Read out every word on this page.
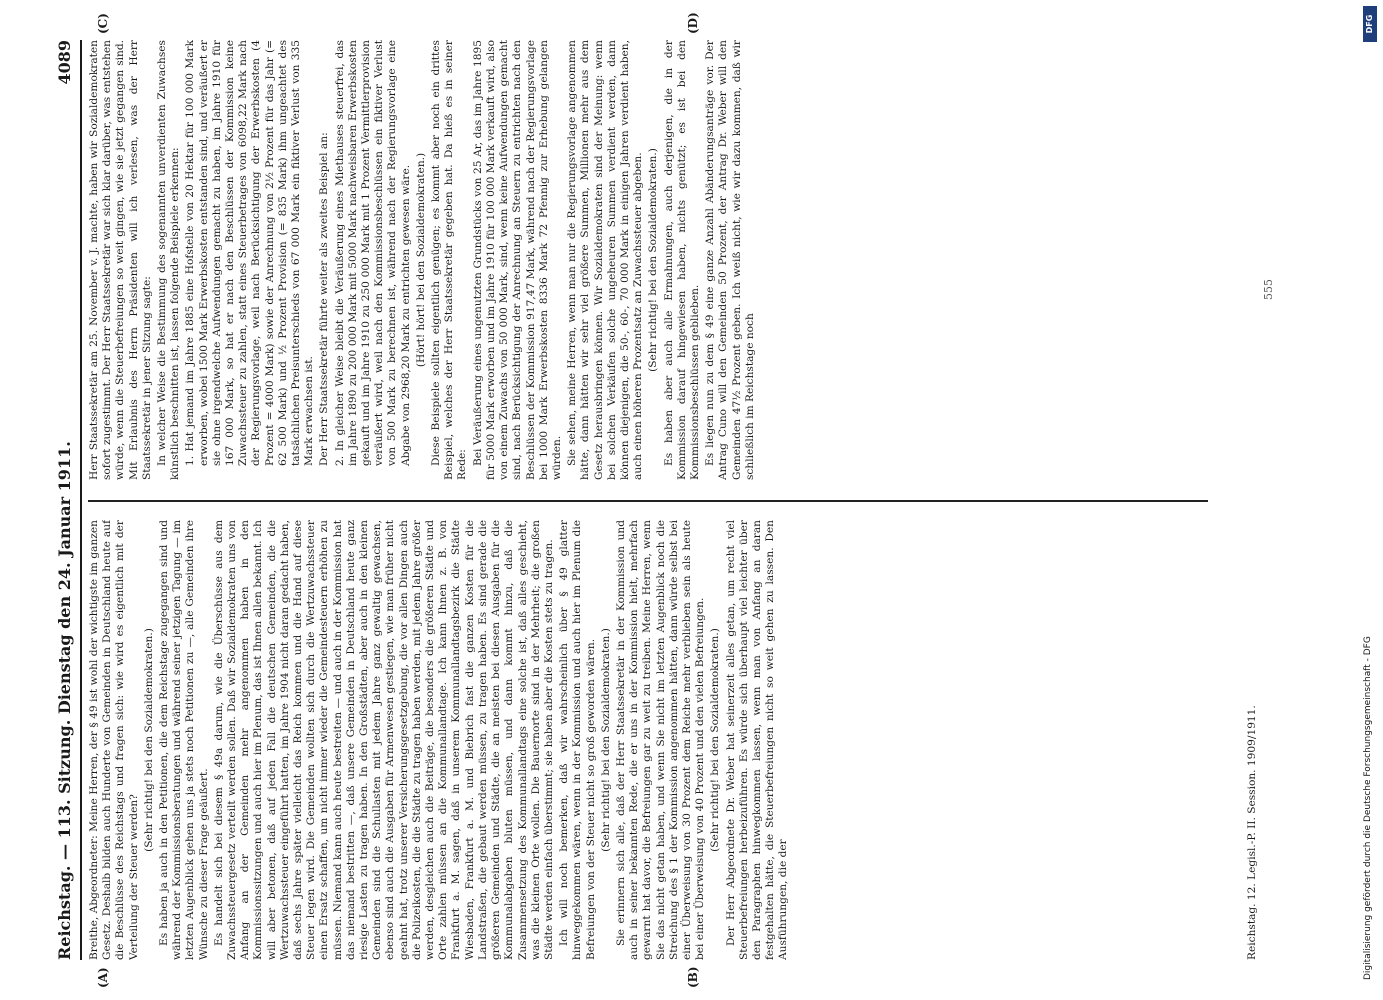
Reichstag. — 113. Sitzung. Dienstag den 24. Januar 1911.
4089
(A)	(B)
(C)	(D)

Breithe, Abgeordneter: Meine Herren, der § 49 ist wohl der wichtigste im ganzen Gesetz. Deshalb bilden auch Hunderte von Gemeinden in Deutschland heute auf die Beschlüsse des Reichstags und fragen sich: wie wird es eigentlich mit der Verteilung der Steuer werden?

(Sehr richtig! bei den Sozialdemokraten.) Es haben ja auch in den Petitionen, die dem Reichstage zugegangen sind und während der Kommissionsberatungen und während seiner jetzigen Tagung — im letzten Augenblick gehen uns ja stets noch Petitionen zu —, alle Gemeinden ihre Wünsche zu dieser Frage geäußert. Es handelt sich bei diesem § 49a darum, wie die Überschüsse aus dem Zuwachssteuergesetz verteilt werden sollen. Daß wir Sozialdemokraten uns von Anfang an der Gemeinden mehr angenommen haben in den Kommissionssitzungen und auch hier im Plenum, das ist Ihnen allen bekannt. Ich will aber betonen, daß auf jeden Fall die deutschen Gemeinden, die die Wertzuwachssteuer eingeführt hatten, im Jahre 1904 nicht daran gedacht haben, daß sechs Jahre später vielleicht das Reich kommen und die Hand auf diese Steuer legen wird. Die Gemeinden wollten sich durch die Wertzuwachssteuer einen Ersatz schaffen, um nicht immer wieder die Gemeindesteuern erhöhen zu müssen. Niemand kann auch heute bestreiten — und auch in der Kommission hat das niemand bestritten —, daß unsere Gemeinden in Deutschland heute ganz riesige Lasten zu tragen haben. In den Großstädten, aber auch in den kleinen Gemeinden sind die Schullasten mit jedem Jahre ganz gewaltig gewachsen, ebenso sind auch die Ausgaben für Armenwesen gestiegen, wie man früher nicht geahnt hat, trotz unserer Versicherungsgesetzgebung, die vor allen Dingen auch die Polizeikosten, die die Städte zu tragen haben werden, mit jedem Jahre größer werden, desgleichen auch die Beiträge, die besonders die größeren Städte und Orte zahlen müssen an die Kommunallandtage. Ich kann Ihnen z. B. von Frankfurt a. M. sagen, daß in unserem Kommunallandtagsbezirk die Städte Wiesbaden, Frankfurt a. M. und Biebrich fast die ganzen Kosten für die Landstraßen, die gebaut werden müssen, zu tragen haben. Es sind gerade die größeren Gemeinden und Städte, die an meisten bei diesen Ausgaben für die Kommunalabgaben bluten müssen, und dann kommt hinzu, daß die Zusammensetzung des Kommunallandtags eine solche ist, daß alles geschieht, was die kleinen Orte wollen. Die Bauernorte sind in der Mehrheit; die großen Städte werden einfach überstimmt; sie haben aber die Kosten stets zu tragen. Ich will noch bemerken, daß wir wahrscheinlich über § 49 glatter hinweggekommen wären, wenn in der Kommission und auch hier im Plenum die Befreiungen von der Steuer nicht so groß geworden wären. (Sehr richtig! bei den Sozialdemokraten.) Sie erinnern sich alle, daß der Herr Staatssekretär in der Kommission und auch in seiner bekannten Rede, die er uns in der Kommission hielt, mehrfach gewarnt hat davor, die Befreiungen gar zu weit zu treiben. Meine Herren, wenn Sie das nicht getan haben, und wenn Sie nicht im letzten Augenblick noch die Streichung des § 1 der Kommission angenommen hätten, dann würde selbst bei einer Überweisung von 30 Prozent dem Reiche mehr verblieben sein als heute bei einer Überweisung von 40 Prozent und den vielen Befreiungen. (Sehr richtig! bei den Sozialdemokraten.) Der Herr Abgeordnete Dr. Weber hat seinerzeit alles getan, um recht viel Steuerbefreiungen herbeizuführen. Es würde sich überhaupt viel leichter über den Paragraphen hinwegkommen lassen, wenn man von Anfang an daran festgehalten hätte, die Steuerbefreiungen nicht so weit gehen zu lassen. Den Ausführungen, die der

Herr Staatssekretär am 25. November v. J. machte, haben wir Sozialdemokraten sofort zugestimmt. Der Herr Staatssekretär war sich klar darüber, was entstehen würde, wenn die Steuerbefreiungen so weit gingen, wie sie jetzt gegangen sind. Mit Erlaubnis des Herrn Präsidenten will ich verlesen, was der Herr Staatssekretär in jener Sitzung sagte: In welcher Weise die Bestimmung des sogenannten unverdienten Zuwachses künstlich beschnitten ist, lassen folgende Beispiele erkennen: 1. Hat jemand im Jahre 1885 eine Hofstelle von 20 Hektar für 100 000 Mark erworben, wobei 1500 Mark Erwerbskosten entstanden sind, und veräußert er sie ohne irgendwelche Aufwendungen gemacht zu haben, im Jahre 1910 für 167 000 Mark, so hat er nach den Beschlüssen der Kommission keine Zuwachssteuer zu zahlen, statt eines Steuerbetrages von 6098,22 Mark nach der Regierungsvorlage, weil nach Berücksichtigung der Erwerbskosten (4 Prozent = 4000 Mark) sowie der Anrechnung von 2½ Prozent für das Jahr (= 62 500 Mark) und ½ Prozent Provision (= 835 Mark) ihm ungeachtet des tatsächlichen Preisunterschieds von 67 000 Mark ein fiktiver Verlust von 335 Mark erwachsen ist. Der Herr Staatssekretär führte weiter als zweites Beispiel an: 2. In gleicher Weise bleibt die Veräußerung eines Miethauses steuerfrei, das im Jahre 1890 zu 200 000 Mark mit 5000 Mark nachweisbaren Erwerbskosten gekauft und im Jahre 1910 zu 250 000 Mark mit 1 Prozent Vermittlerprovision veräußert wird, weil nach den Kommissionsbeschlüssen ein fiktiver Verlust von 500 Mark zu berechnen ist, während nach der Regierungsvorlage eine Abgabe von 2968,20 Mark zu entrichten gewesen wäre. (Hört! hört! bei den Sozialdemokraten.) Diese Beispiele sollten eigentlich genügen; es kommt aber noch ein drittes Beispiel, welches der Herr Staatssekretär gegeben hat. Da hieß es in seiner Rede: Bei Veräußerung eines ungenutzten Grundstücks von 25 Ar, das im Jahre 1895 für 5000 Mark erworben und im Jahre 1910 für 100 000 Mark verkauft wird, also von einem Zuwachs von 50 000 Mark, sind, wenn keine Aufwendungen gemacht sind, nach Berücksichtigung der Anrechnung an Steuern zu entrichten nach den Beschlüssen der Kommission 917,47 Mark, während nach der Regierungsvorlage bei 1000 Mark Erwerbskosten 8336 Mark 72 Pfennig zur Erhebung gelangen würden. Sie sehen, meine Herren, wenn man nur die Regierungsvorlage angenommen hätte, dann hätten wir sehr viel größere Summen, Millionen mehr aus dem Gesetz herausbringen können. Wir Sozialdemokraten sind der Meinung: wenn bei solchen Verkäufen solche ungeheuren Summen verdient werden, dann können diejenigen, die 50-, 60-, 70 000 Mark in einigen Jahren verdient haben, auch einen höheren Prozentsatz an Zuwachssteuer abgeben. (Sehr richtig! bei den Sozialdemokraten.) Es haben aber auch alle Ermahnungen, auch derjenigen, die in der Kommission darauf hingewiesen haben, nichts genützt; es ist bei den Kommissionsbeschlüssen geblieben. Es liegen nun zu dem § 49 eine ganze Anzahl Abänderungsanträge vor. Der Antrag Cuno will den Gemeinden 50 Prozent, der Antrag Dr. Weber will den Gemeinden 47½ Prozent geben. Ich weiß nicht, wie wir dazu kommen, daß wir schließlich im Reichstage noch

Reichstag. 12. Legisl.-P. II. Session. 1909/1911.
555
Digitalisierung gefördert durch die Deutsche Forschungsgemeinschaft - DFG
DFG
